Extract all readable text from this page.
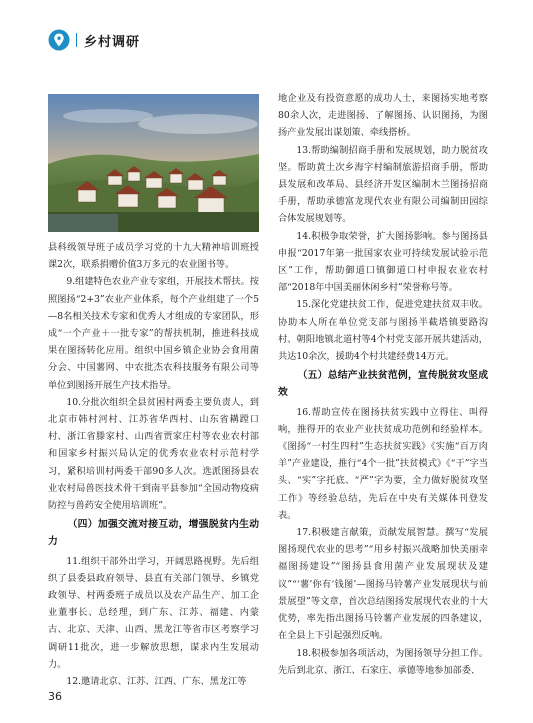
乡村调研

县科级领导班子成员学习党的十九大精神培训班授课2次，联系捐赠价值3万多元的农业图书等。

9.组建特色农业产业专家组，开展技术帮扶。按照图扬“2+3”农业产业体系，每个产业组建了一个5—8名相关技术专家和优秀人才组成的专家团队，形成“一个产业＋一批专家”的帮扶机制，推进科技成果在图扬转化应用。组织中国乡镇企业协会食用菌分会、中国薯网、中农批杰农科技服务有限公司等单位到图扬开展生产技术指导。

10.分批次组织全县贫困村两委主要负责人，到北京市韩村河村、江苏省华西村、山东省耩蹚口村、浙江省滕家村、山西省贾家庄村等农业农村部和国家乡村振兴局认定的优秀农业农村示范村学习，紧积培训村两委干部90多人次。选派图扬县农业农村局兽医技术骨干到南平县参加“全国动物疫病防控与兽药安全使用培训班”。

（四）加强交流对接互动，增强脱贫内生动力

11.组织干部外出学习，开阔思路视野。先后组织了县委县政府领导、县直有关部门领导、乡镇党政领导、村两委班子成员以及农产品生产、加工企业董事长、总经理，到广东、江苏、福建、内蒙古、北京、天津、山西、黑龙江等省市区考察学习调研11批次，进一步解放思想，谋求内生发展动力。

12.邀请北京、江苏、江西、广东、黑龙江等

地企业及有投资意愿的成功人士，来图扬实地考察80余人次，走进图扬、了解图扬、认识图扬，为图扬产业发展出谋划策、牵线搭桥。

13.帮助编制招商手册和发展规划，助力脱贫攻坚。帮助黄土次乡海字村编制旅游招商手册，帮助县发展和改革局、县经济开发区编制木兰图扬招商手册，帮助承德富龙现代农业有限公司编制田园综合体发展规划等。

14.积极争取荣誉，扩大图扬影响。参与图扬县申报“2017年第一批国家农业可持续发展试验示范区”工作，帮助御道口镇御道口村申报农业农村部“2018年中国美丽休闲乡村”荣誉称号等。

15.深化党建扶贫工作，促进党建扶贫双丰收。协助本人所在单位党支部与图扬半截塔镇要路沟村、朝阳地镇北道村等4个村党支部开展共建活动，共达10余次，援助4个村共建经费14万元。

（五）总结产业扶贫范例，宣传脱贫攻坚成效

16.帮助宣传在图扬扶贫实践中立得住、叫得响，推得开的农业产业扶贫成功范例和经验样本。《图扬“一村生四村”生态扶贫实践》《实施“百万肉羊”产业建设，推行“4个一批”扶贫模式》《“干”字当头、“实”字托底、“严”字为要，全力做好脱贫攻坚工作》等经验总结，先后在中央有关媒体刊登发表。

17.积极建言献策，贡献发展智慧。撰写“发展图扬现代农业的思考”“用乡村振兴战略加快美丽幸福图扬建设”“图扬县食用菌产业发展现状及建议”“‘薯’你有‘钱图’—图扬马铃薯产业发展现状与前景展望”等文章，首次总结图扬发展现代农业的十大优势，率先指出图扬马铃薯产业发展的四条建议，在全县上下引起强烈反响。

18.积极参加各项活动，为图扬领导分担工作。先后到北京、浙江、石家庄、承德等地参加部委、

36
